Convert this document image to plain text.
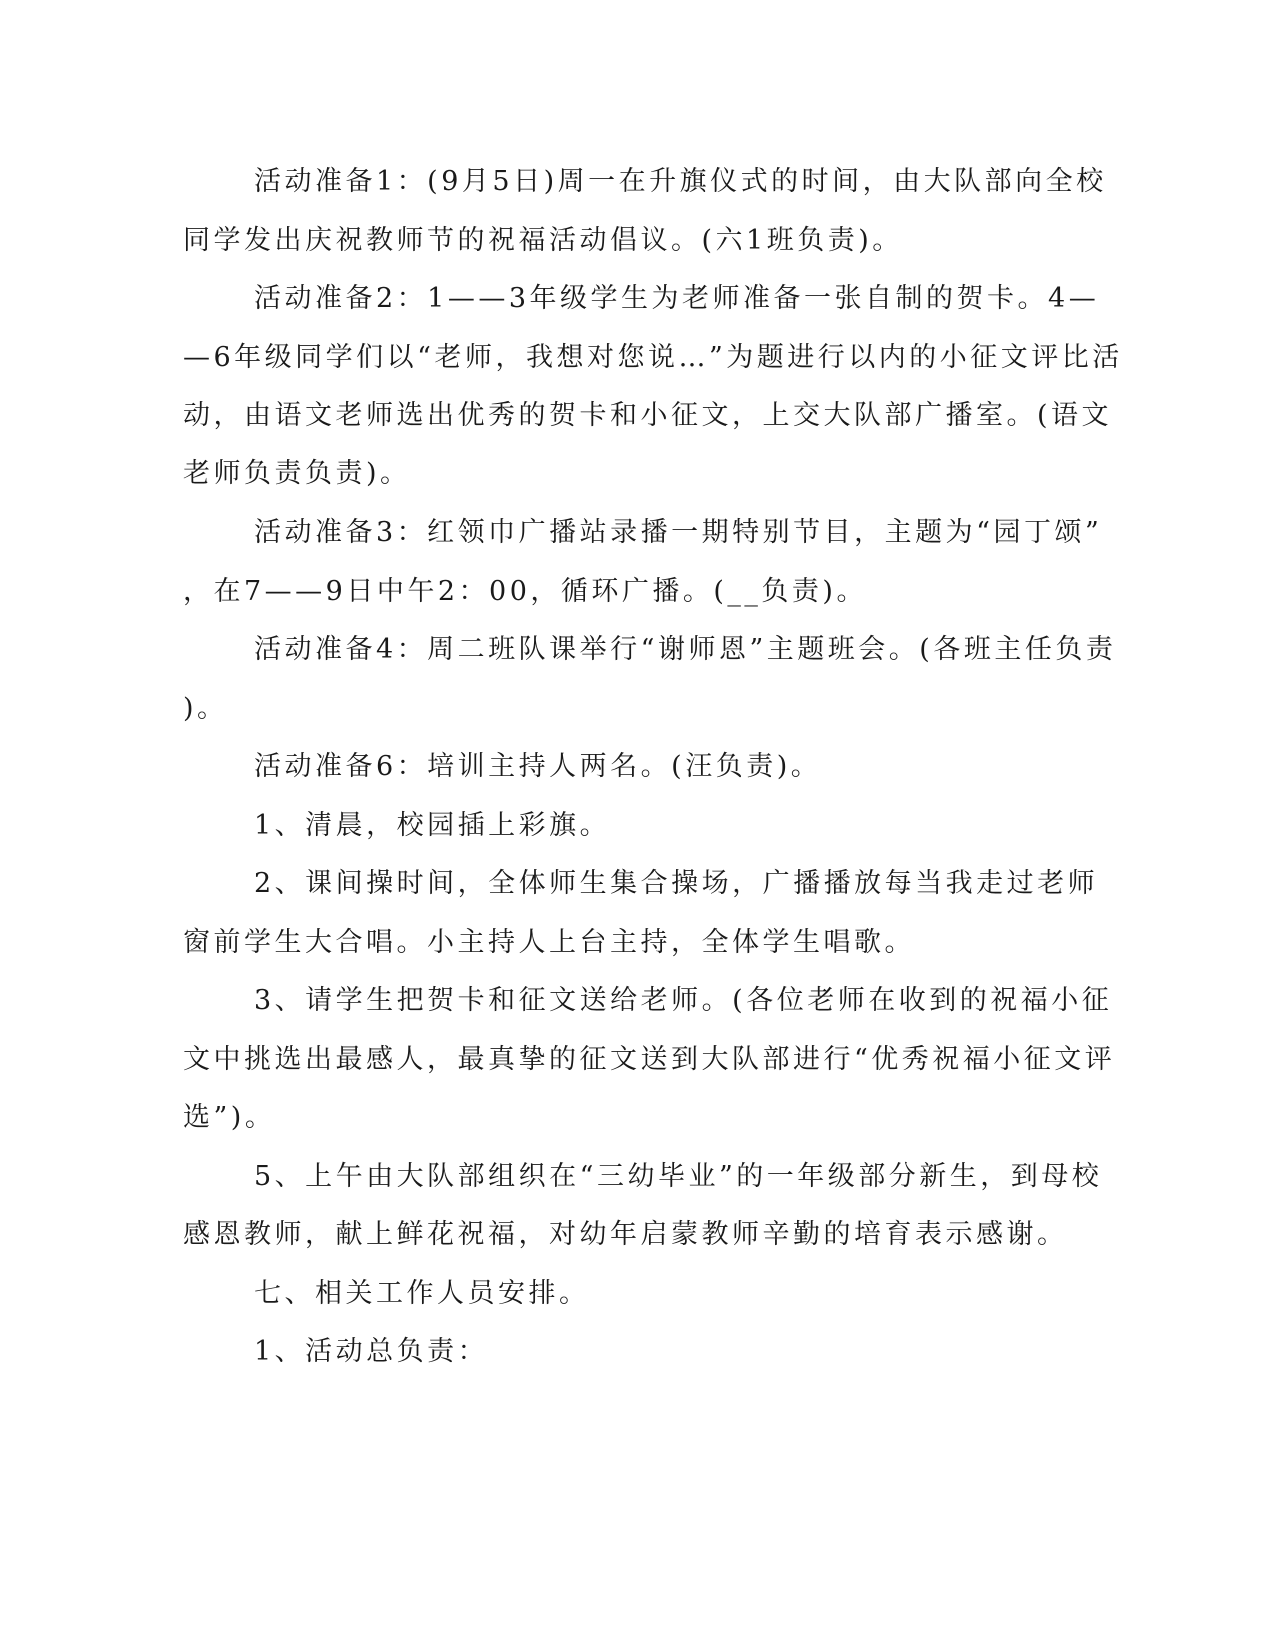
活动准备1：(9月5日)周一在升旗仪式的时间，由大队部向全校
同学发出庆祝教师节的祝福活动倡议。(六1班负责)。
活动准备2：1——3年级学生为老师准备一张自制的贺卡。4—
—6年级同学们以“老师，我想对您说…”为题进行以内的小征文评比活
动，由语文老师选出优秀的贺卡和小征文，上交大队部广播室。(语文
老师负责负责)。
活动准备3：红领巾广播站录播一期特别节目，主题为“园丁颂”
，在7——9日中午2：00，循环广播。(__负责)。
活动准备4：周二班队课举行“谢师恩”主题班会。(各班主任负责
)。
活动准备6：培训主持人两名。(汪负责)。
1、清晨，校园插上彩旗。
2、课间操时间，全体师生集合操场，广播播放每当我走过老师
窗前学生大合唱。小主持人上台主持，全体学生唱歌。
3、请学生把贺卡和征文送给老师。(各位老师在收到的祝福小征
文中挑选出最感人，最真挚的征文送到大队部进行“优秀祝福小征文评
选”)。
5、上午由大队部组织在“三幼毕业”的一年级部分新生，到母校
感恩教师，献上鲜花祝福，对幼年启蒙教师辛勤的培育表示感谢。
七、相关工作人员安排。
1、活动总负责：
